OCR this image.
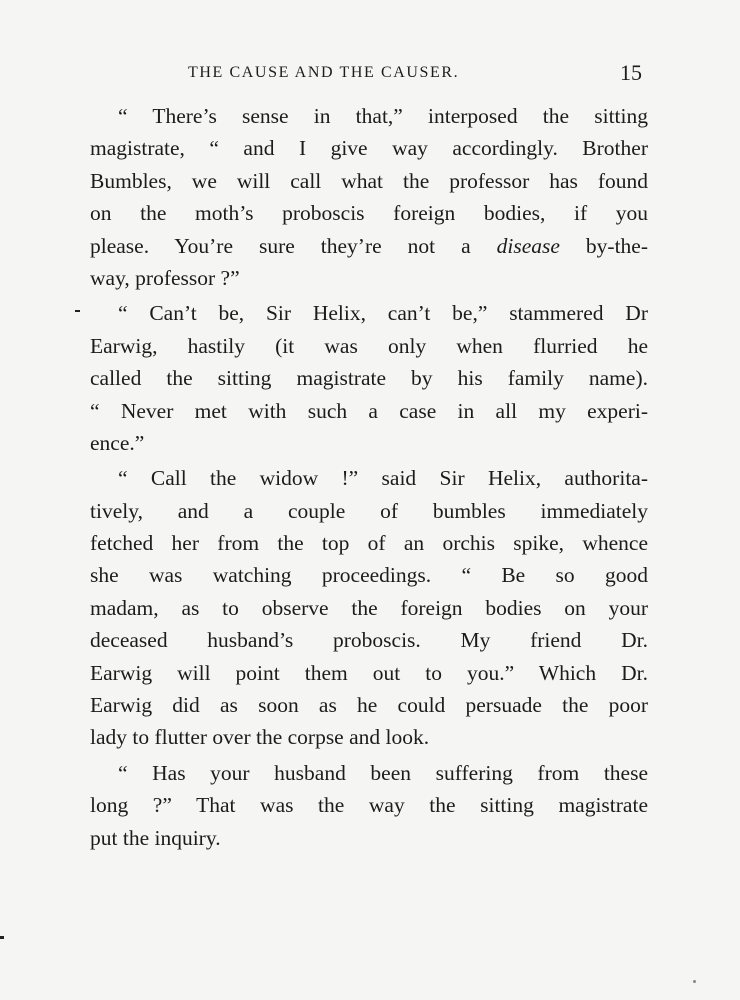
THE CAUSE AND THE CAUSER.	15

“ There’s sense in that,” interposed the sitting
magistrate, “ and I give way accordingly. Brother
Bumbles, we will call what the professor has found
on the moth’s proboscis foreign bodies, if you
please. You’re sure they’re not a disease by-the-
way, professor ?”

“ Can’t be, Sir Helix, can’t be,” stammered Dr
Earwig, hastily (it was only when flurried he
called the sitting magistrate by his family name).
“ Never met with such a case in all my experi-
ence.”

“ Call the widow !” said Sir Helix, authorita-
tively, and a couple of bumbles immediately
fetched her from the top of an orchis spike, whence
she was watching proceedings. “ Be so good
madam, as to observe the foreign bodies on your
deceased husband’s proboscis. My friend Dr.
Earwig will point them out to you.” Which Dr.
Earwig did as soon as he could persuade the poor
lady to flutter over the corpse and look.

“ Has your husband been suffering from these
long ?” That was the way the sitting magistrate
put the inquiry.
